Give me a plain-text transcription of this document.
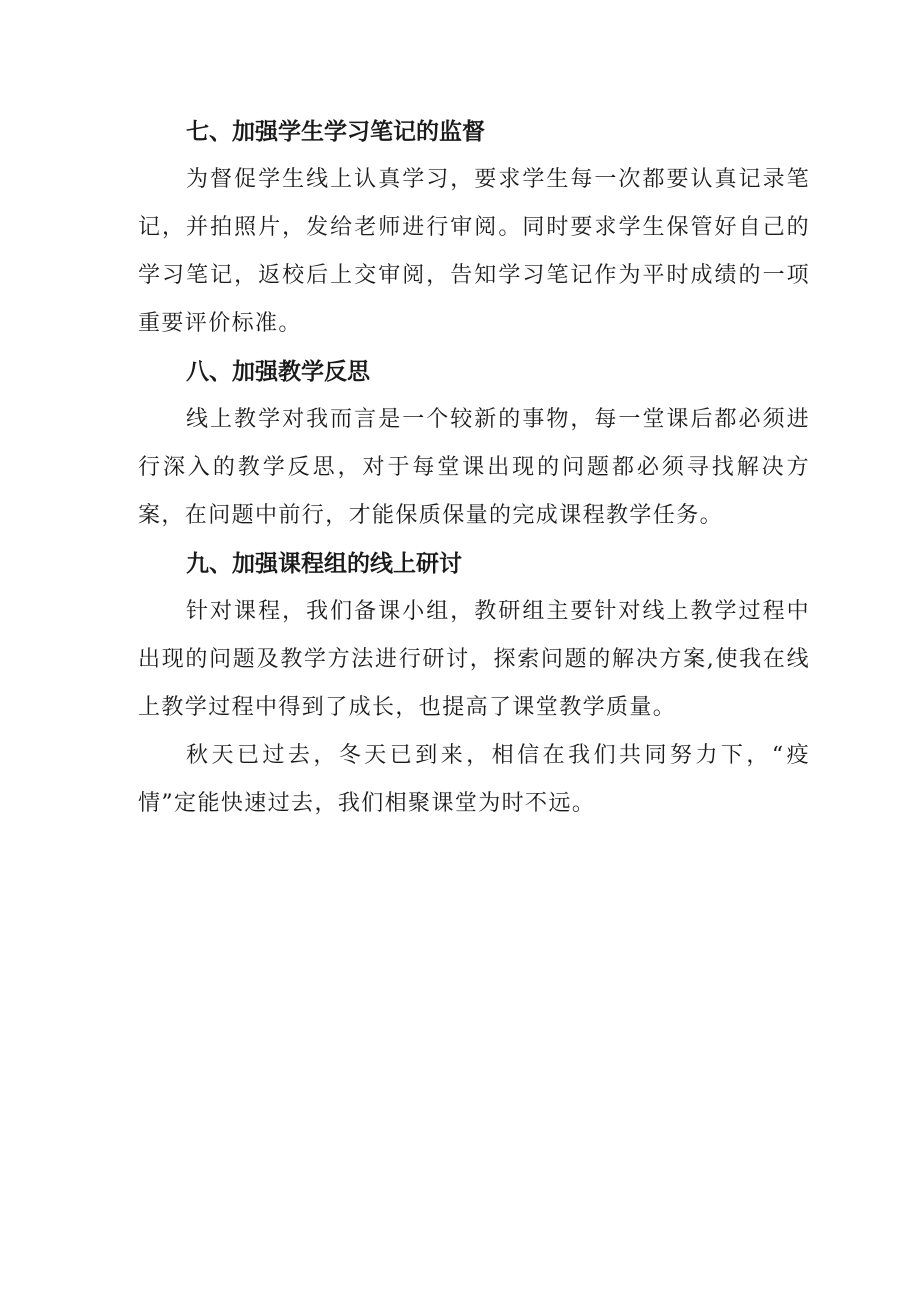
七、加强学生学习笔记的监督

为督促学生线上认真学习，要求学生每一次都要认真记录笔记，并拍照片，发给老师进行审阅。同时要求学生保管好自己的学习笔记，返校后上交审阅，告知学习笔记作为平时成绩的一项重要评价标准。

八、加强教学反思

线上教学对我而言是一个较新的事物，每一堂课后都必须进行深入的教学反思，对于每堂课出现的问题都必须寻找解决方案，在问题中前行，才能保质保量的完成课程教学任务。

九、加强课程组的线上研讨

针对课程，我们备课小组，教研组主要针对线上教学过程中出现的问题及教学方法进行研讨，探索问题的解决方案,使我在线上教学过程中得到了成长，也提高了课堂教学质量。

秋天已过去，冬天已到来，相信在我们共同努力下，“疫情”定能快速过去，我们相聚课堂为时不远。
